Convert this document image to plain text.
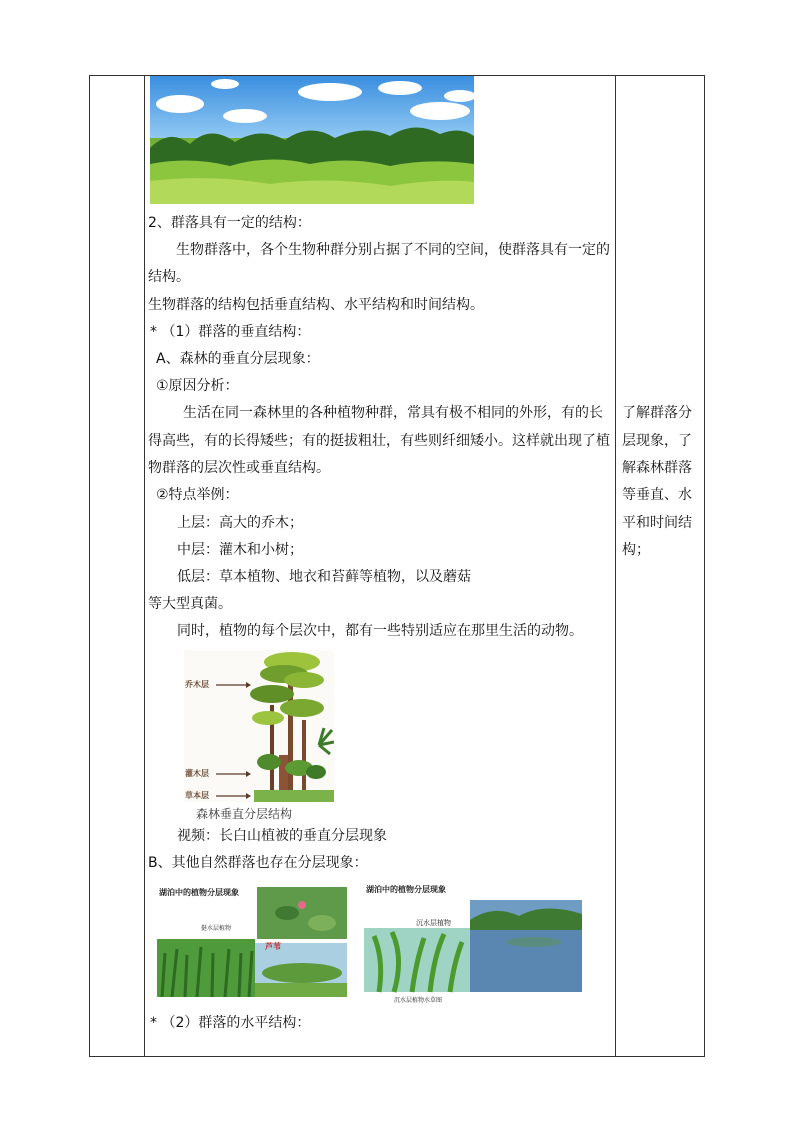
2、群落具有一定的结构：
生物群落中，各个生物种群分别占据了不同的空间，使群落具有一定的
结构。
生物群落的结构包括垂直结构、水平结构和时间结构。
* （1）群落的垂直结构：
A、森林的垂直分层现象：
①原因分析：
生活在同一森林里的各种植物种群，常具有极不相同的外形，有的长
得高些，有的长得矮些；有的挺拔粗壮，有些则纤细矮小。这样就出现了植
物群落的层次性或垂直结构。
②特点举例：
上层：高大的乔木；
中层：灌木和小树；
低层：草本植物、地衣和苔藓等植物，以及蘑菇
等大型真菌。
同时，植物的每个层次中，都有一些特别适应在那里生活的动物。
乔木层
灌木层
草本层
森林垂直分层结构
视频：长白山植被的垂直分层现象
B、其他自然群落也存在分层现象：
湖泊中的植物分层现象
挺水层植物
芦苇
湖泊中的植物分层现象
沉水层植物
沉水层植物水草图
* （2）群落的水平结构：
了解群落分
层现象，了
解森林群落
等垂直、水
平和时间结
构；
